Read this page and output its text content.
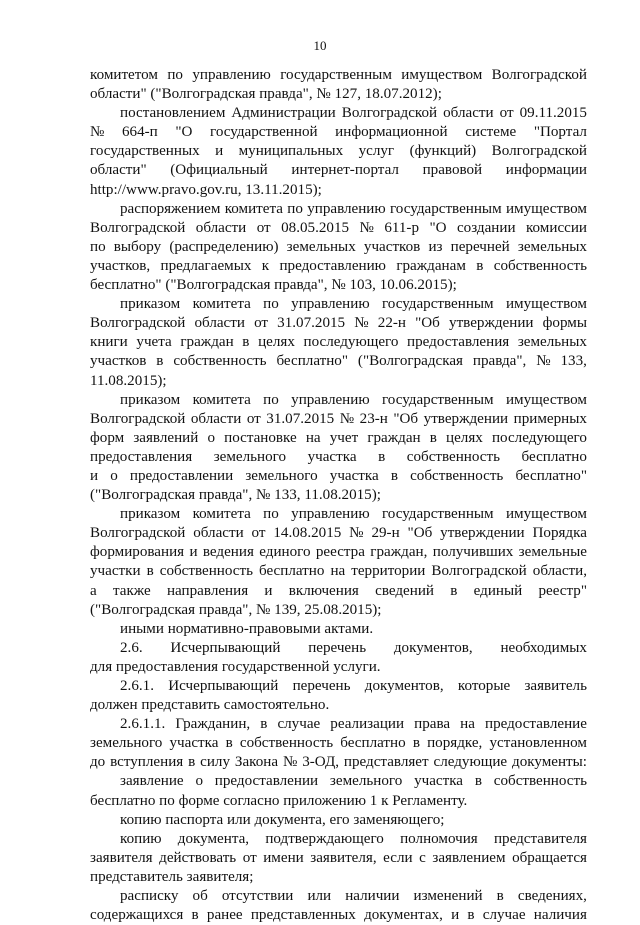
10
комитетом по управлению государственным имуществом Волгоградской
области" ("Волгоградская правда", № 127, 18.07.2012);
постановлением Администрации Волгоградской области от 09.11.2015
№ 664-п "О государственной информационной системе "Портал
государственных и муниципальных услуг (функций) Волгоградской
области" (Официальный интернет-портал правовой информации
http://www.pravo.gov.ru, 13.11.2015);
распоряжением комитета по управлению государственным имуществом
Волгоградской области от 08.05.2015 № 611-р "О создании комиссии
по выбору (распределению) земельных участков из перечней земельных
участков, предлагаемых к предоставлению гражданам в собственность
бесплатно" ("Волгоградская правда", № 103, 10.06.2015);
приказом комитета по управлению государственным имуществом
Волгоградской области от 31.07.2015 № 22-н "Об утверждении формы
книги учета граждан в целях последующего предоставления земельных
участков в собственность бесплатно" ("Волгоградская правда", № 133,
11.08.2015);
приказом комитета по управлению государственным имуществом
Волгоградской области от 31.07.2015 № 23-н "Об утверждении примерных
форм заявлений о постановке на учет граждан в целях последующего
предоставления земельного участка в собственность бесплатно
и о предоставлении земельного участка в собственность бесплатно"
("Волгоградская правда", № 133, 11.08.2015);
приказом комитета по управлению государственным имуществом
Волгоградской области от 14.08.2015 № 29-н "Об утверждении Порядка
формирования и ведения единого реестра граждан, получивших земельные
участки в собственность бесплатно на территории Волгоградской области,
а также направления и включения сведений в единый реестр"
("Волгоградская правда", № 139, 25.08.2015);
иными нормативно-правовыми актами.
2.6. Исчерпывающий перечень документов, необходимых
для предоставления государственной услуги.
2.6.1. Исчерпывающий перечень документов, которые заявитель
должен представить самостоятельно.
2.6.1.1. Гражданин, в случае реализации права на предоставление
земельного участка в собственность бесплатно в порядке, установленном
до вступления в силу Закона № 3-ОД, представляет следующие документы:
заявление о предоставлении земельного участка в собственность
бесплатно по форме согласно приложению 1 к Регламенту.
копию паспорта или документа, его заменяющего;
копию документа, подтверждающего полномочия представителя
заявителя действовать от имени заявителя, если с заявлением обращается
представитель заявителя;
расписку об отсутствии или наличии изменений в сведениях,
содержащихся в ранее представленных документах, и в случае наличия
